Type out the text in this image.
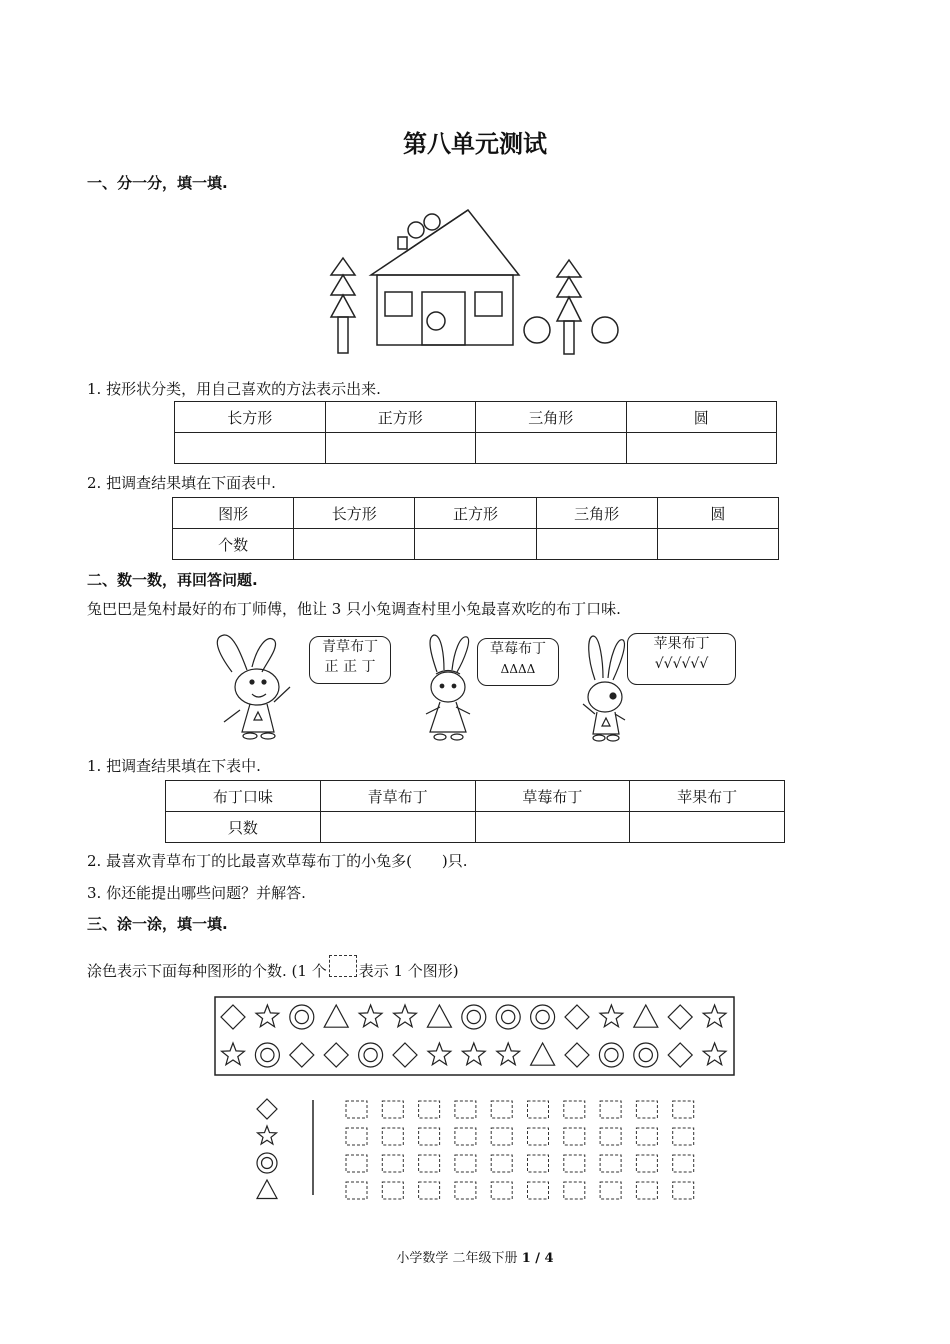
第八单元测试
一、分一分，填一填.
1. 按形状分类，用自己喜欢的方法表示出来.
长方形	正方形	三角形	圆

2. 把调查结果填在下面表中.
图形	长方形	正方形	三角形	圆
个数				
二、数一数，再回答问题.
兔巴巴是兔村最好的布丁师傅，他让 3 只小兔调查村里小兔最喜欢吃的布丁口味.
青草布丁
正 正 丁
草莓布丁
ΔΔΔΔ
苹果布丁
√√√√√√
1. 把调查结果填在下表中.
布丁口味	青草布丁	草莓布丁	苹果布丁
只数			
2. 最喜欢青草布丁的比最喜欢草莓布丁的小兔多(　　)只.
3. 你还能提出哪些问题？并解答.
三、涂一涂，填一填.
涂色表示下面每种图形的个数. (1 个 表示 1 个图形)
小学数学 二年级下册 1 / 4
